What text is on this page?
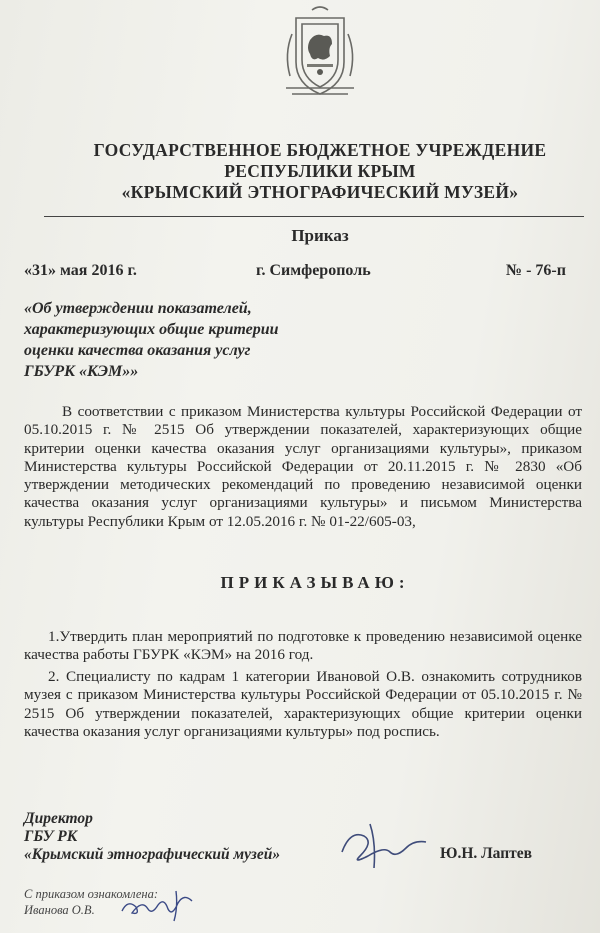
ГОСУДАРСТВЕННОЕ БЮДЖЕТНОЕ УЧРЕЖДЕНИЕ
РЕСПУБЛИКИ КРЫМ
«КРЫМСКИЙ ЭТНОГРАФИЧЕСКИЙ МУЗЕЙ»
Приказ
«31» мая 2016 г.	г. Симферополь	№ - 76-п
«Об утверждении показателей,
характеризующих общие критерии
оценки качества оказания услуг
ГБУРК «КЭМ»»
В соответствии с приказом Министерства культуры Российской Федерации от 05.10.2015 г. № 2515 Об утверждении показателей, характеризующих общие критерии оценки качества оказания услуг организациями культуры», приказом Министерства культуры Российской Федерации от 20.11.2015 г. № 2830 «Об утверждении методических рекомендаций по проведению независимой оценки качества оказания услуг организациями культуры» и письмом Министерства культуры Республики Крым от 12.05.2016 г. № 01-22/605-03,
ПРИКАЗЫВАЮ:
1.Утвердить план мероприятий по подготовке к проведению независимой оценке качества работы ГБУРК «КЭМ» на 2016 год.
2. Специалисту по кадрам 1 категории Ивановой О.В. ознакомить сотрудников музея с приказом Министерства культуры Российской Федерации от 05.10.2015 г. № 2515 Об утверждении показателей, характеризующих общие критерии оценки качества оказания услуг организациями культуры» под роспись.
Директор
ГБУ РК
«Крымский этнографический музей»	Ю.Н. Лаптев
С приказом ознакомлена:
Иванова О.В.
